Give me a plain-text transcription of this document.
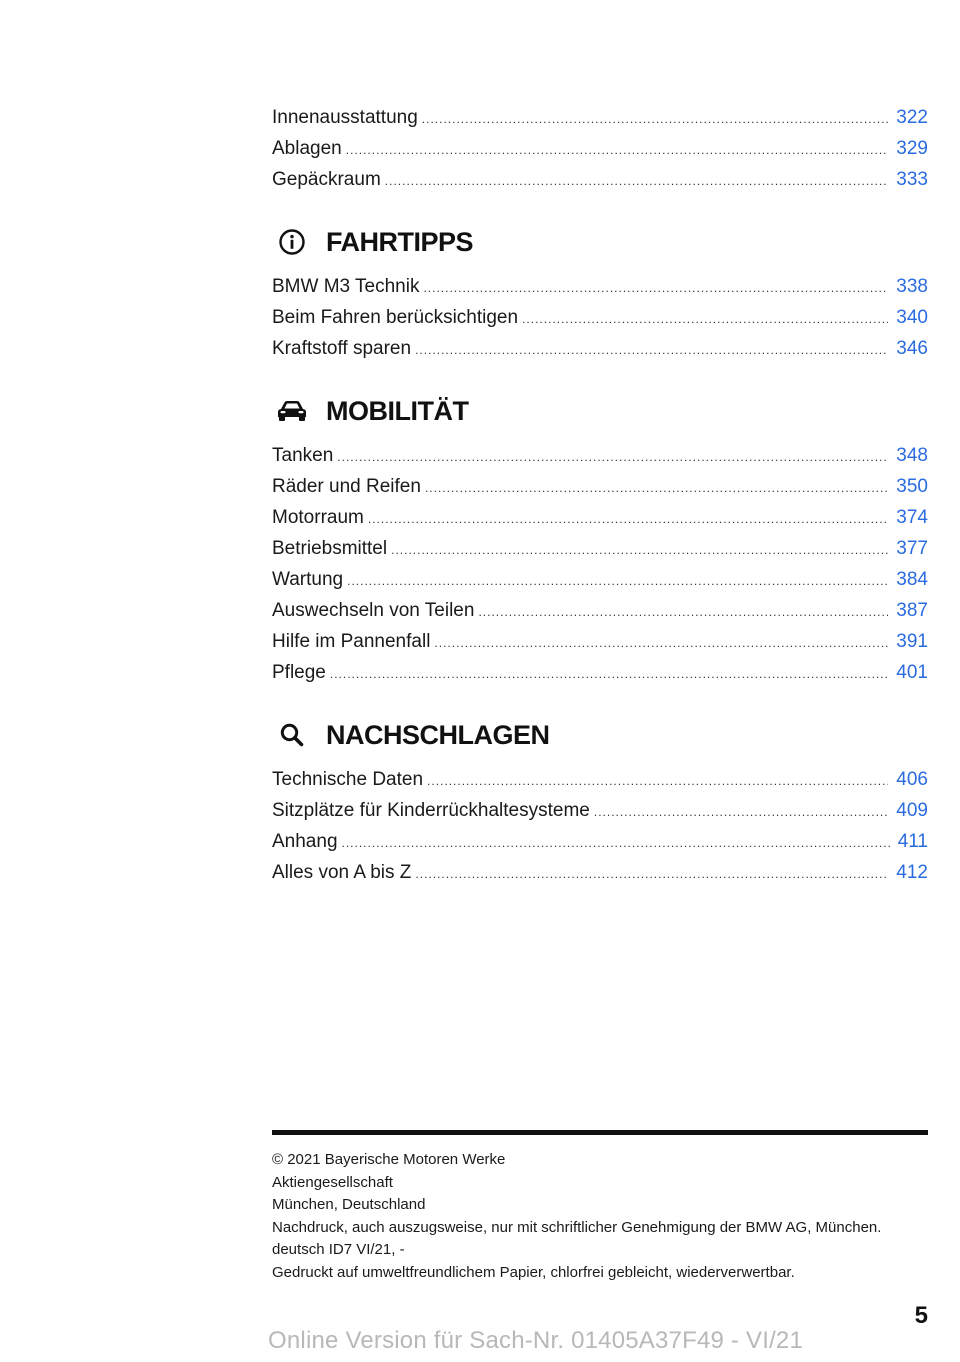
Innenausstattung .....	322
Ablagen .....	329
Gepäckraum .....	333
FAHRTIPPS
BMW M3 Technik .....	338
Beim Fahren berücksichtigen .....	340
Kraftstoff sparen .....	346
MOBILITÄT
Tanken .....	348
Räder und Reifen .....	350
Motorraum .....	374
Betriebsmittel .....	377
Wartung .....	384
Auswechseln von Teilen .....	387
Hilfe im Pannenfall .....	391
Pflege .....	401
NACHSCHLAGEN
Technische Daten .....	406
Sitzplätze für Kinderrückhaltesysteme .....	409
Anhang .....	411
Alles von A bis Z .....	412
© 2021 Bayerische Motoren Werke
Aktiengesellschaft
München, Deutschland
Nachdruck, auch auszugsweise, nur mit schriftlicher Genehmigung der BMW AG, München.
deutsch ID7 VI/21, -
Gedruckt auf umweltfreundlichem Papier, chlorfrei gebleicht, wiederverwertbar.
5
Online Version für Sach-Nr. 01405A37F49 - VI/21
